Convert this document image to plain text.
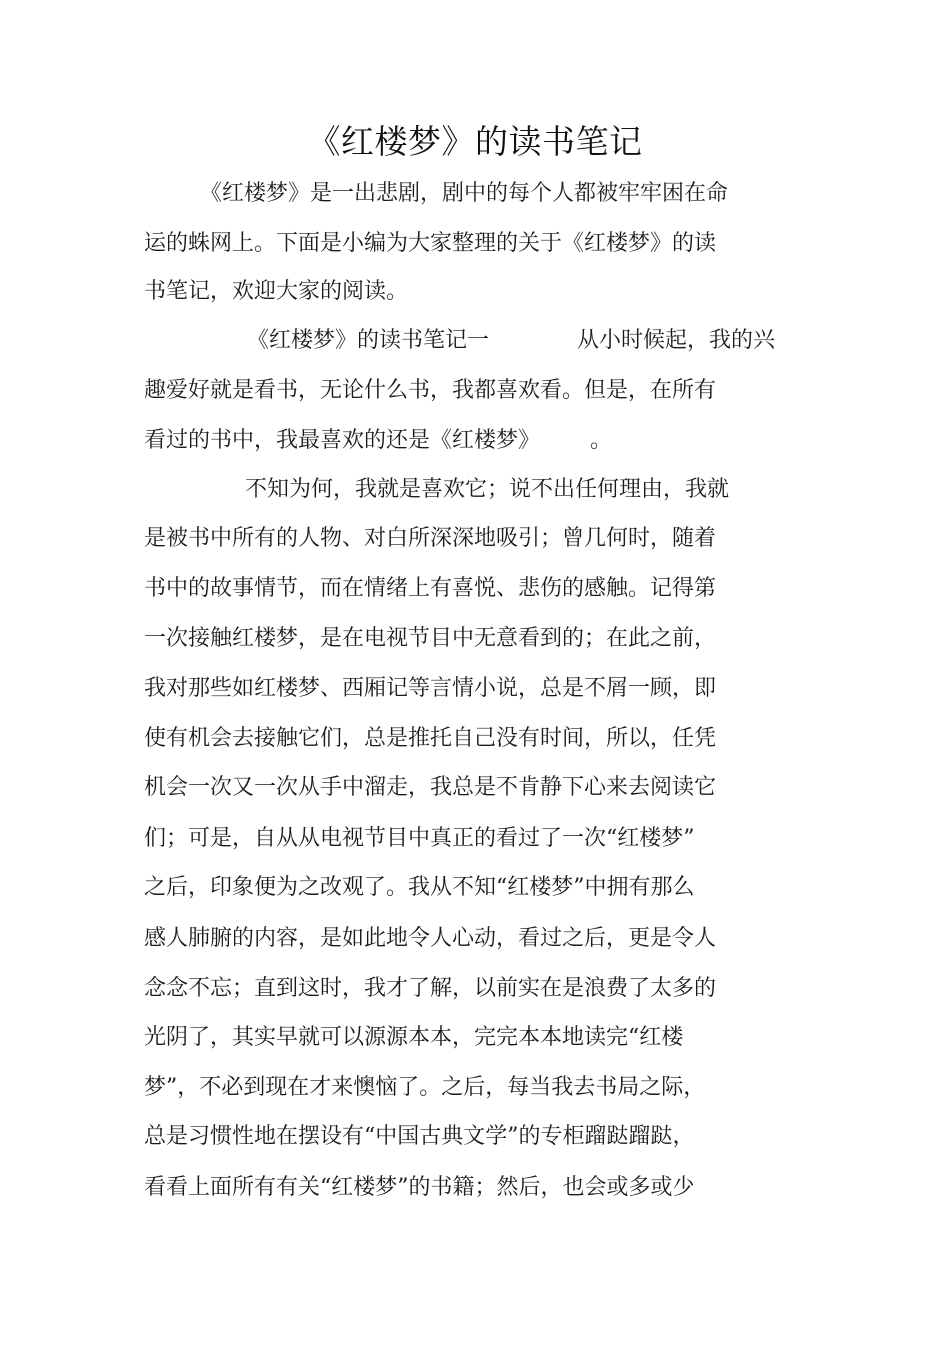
《红楼梦》的读书笔记
《红楼梦》是一出悲剧，剧中的每个人都被牢牢困在命
运的蛛网上。下面是小编为大家整理的关于《红楼梦》的读
书笔记，欢迎大家的阅读。
《红楼梦》的读书笔记一	从小时候起，我的兴
趣爱好就是看书，无论什么书，我都喜欢看。但是，在所有
看过的书中，我最喜欢的还是《红楼梦》 。
不知为何，我就是喜欢它；说不出任何理由，我就
是被书中所有的人物、对白所深深地吸引；曾几何时，随着
书中的故事情节，而在情绪上有喜悦、悲伤的感触。记得第
一次接触红楼梦，是在电视节目中无意看到的；在此之前，
我对那些如红楼梦、西厢记等言情小说，总是不屑一顾，即
使有机会去接触它们，总是推托自己没有时间，所以，任凭
机会一次又一次从手中溜走，我总是不肯静下心来去阅读它
们；可是，自从从电视节目中真正的看过了一次“红楼梦”
之后，印象便为之改观了。我从不知“红楼梦”中拥有那么
感人肺腑的内容，是如此地令人心动，看过之后，更是令人
念念不忘；直到这时，我才了解，以前实在是浪费了太多的
光阴了，其实早就可以源源本本，完完本本地读完“红楼
梦”，不必到现在才来懊恼了。之后，每当我去书局之际，
总是习惯性地在摆设有“中国古典文学”的专柜蹓跶蹓跶，
看看上面所有有关“红楼梦”的书籍；然后，也会或多或少
